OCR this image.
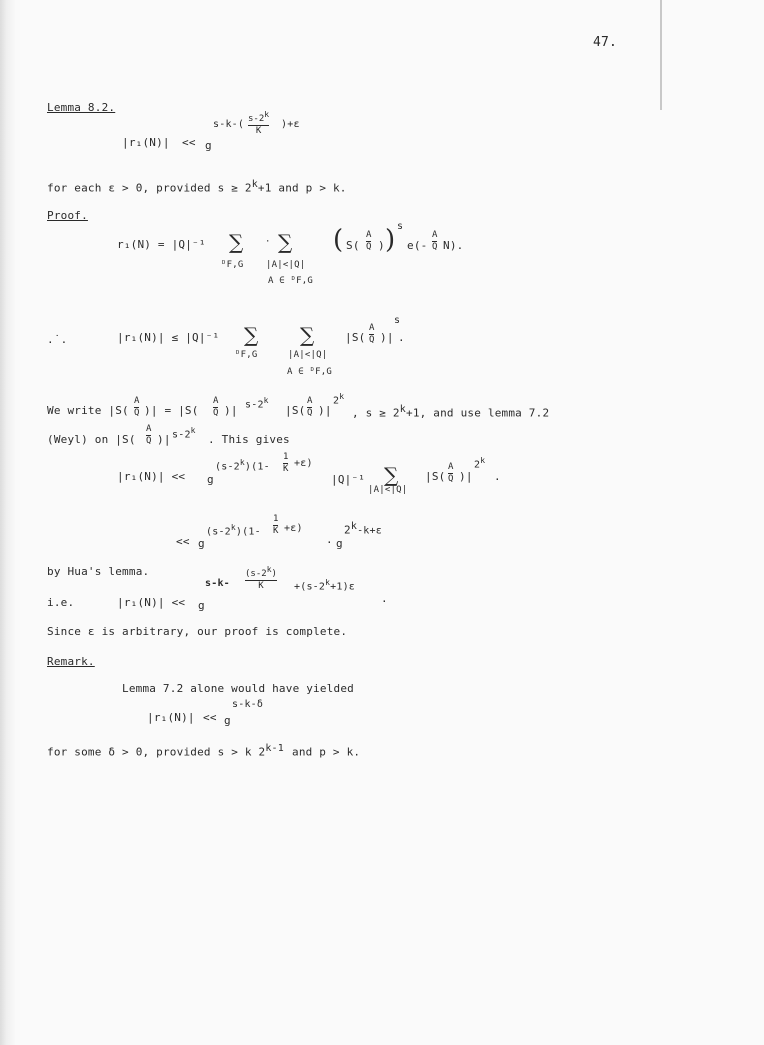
47.
Lemma 8.2.
|r₁(N)| << g
s-k-( s-2$^k$
K
)+ε
for each ε > 0, provided $s \ge 2^k+1$ and p > k.
Proof.
r₁(N) = |Q|⁻¹ ∑
ᴰF,G
· ∑
|A|<|Q|
A ∈ ᴰF,G
( S(
A
Q ) ) s
e(-
A
Q N).
.˙.	|r₁(N)| ≤ |Q|⁻¹ ∑
ᴰF,G
∑
|A|<|Q|
A ∈ ᴰF,G
|S(
A
Q )|
s
.
We write |S(
A
Q )| = |S(
A
Q )| s-2$^k$
|S(
A
Q )|
2$^k$
, $s \ge 2^k+1$, and use lemma 7.2
(Weyl) on |S(
A
Q )| s-2$^k$
. This gives
|r₁(N)| << g
(s-2$^k$)(1-
1
K +ε)
|Q|⁻¹ ∑
|A|<|Q|
|S(
A
Q )|
2$^k$
.
<< g
(s-2$^k$)(1-
1
K +ε)
. g
$2^k-k+\varepsilon$
by Hua's lemma.
i.e.	|r₁(N)| << g
s-k-
(s-2$^k$)
K	$+(s-2^k+1)\varepsilon$
.
Since ε is arbitrary, our proof is complete.
Remark.
Lemma 7.2 alone would have yielded
|r₁(N)| << g
s-k-δ
for some δ > 0, provided s > k 2$^{k-1}$ and p > k.
